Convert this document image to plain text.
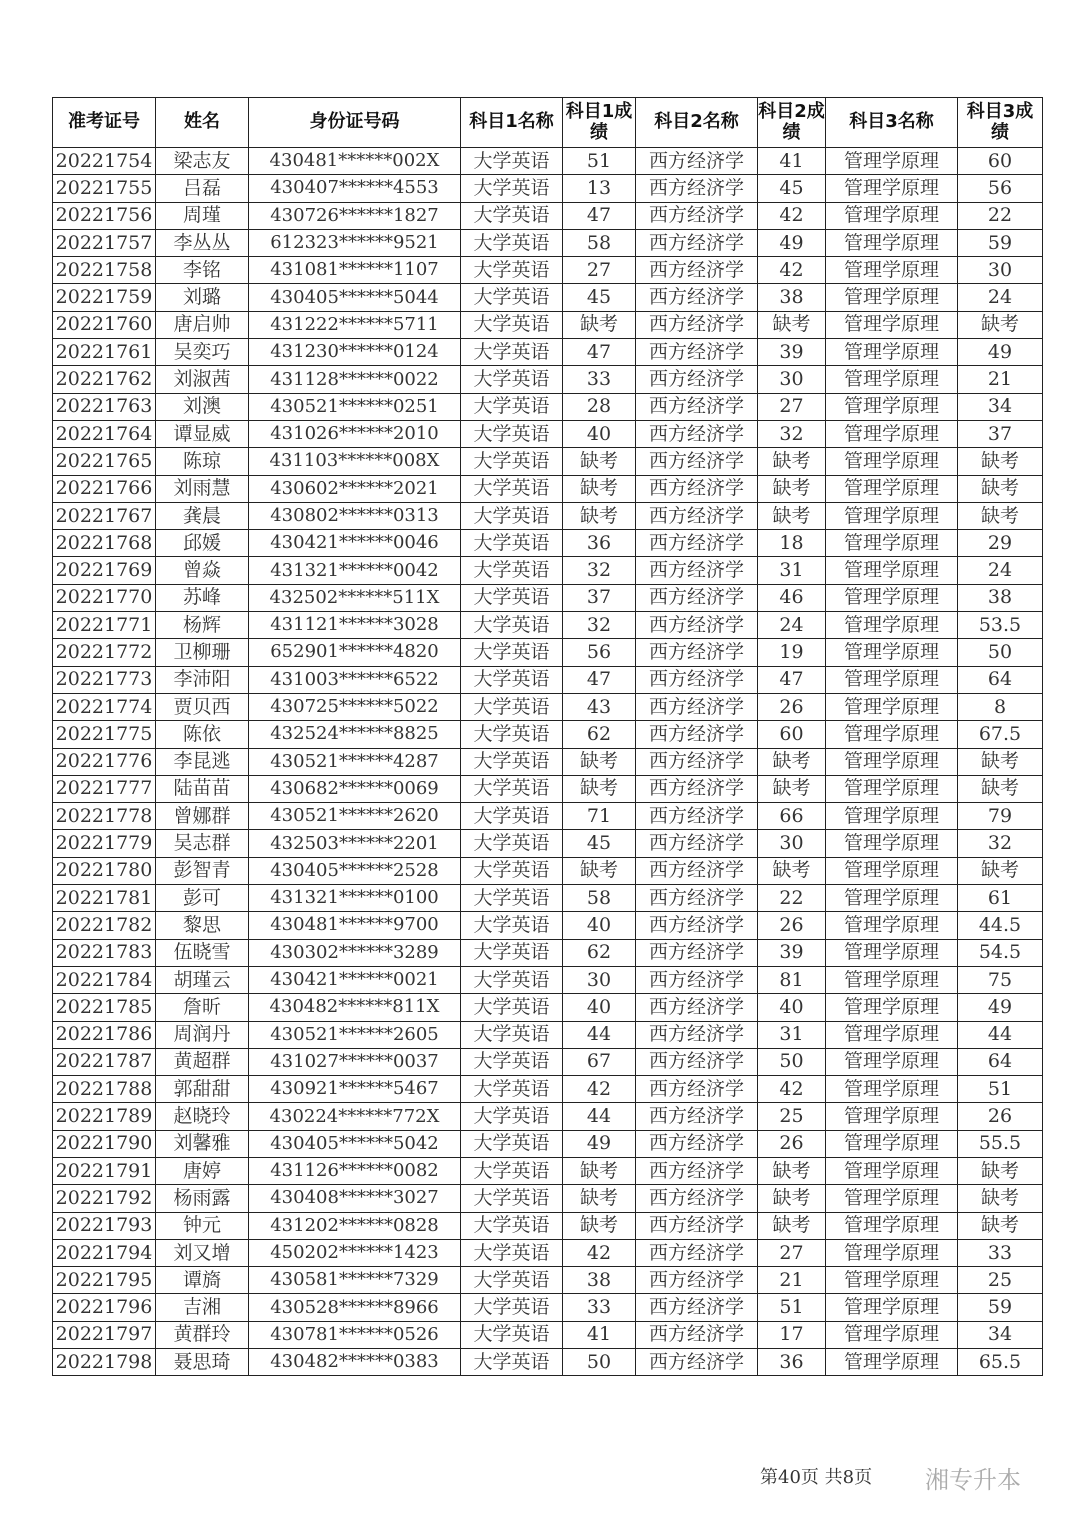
准考证号	姓名	身份证号码	科目1名称	科目1成绩	科目2名称	科目2成绩	科目3名称	科目3成绩
20221754	梁志友	430481******002X	大学英语	51	西方经济学	41	管理学原理	60
20221755	吕磊	430407******4553	大学英语	13	西方经济学	45	管理学原理	56
20221756	周瑾	430726******1827	大学英语	47	西方经济学	42	管理学原理	22
20221757	李丛丛	612323******9521	大学英语	58	西方经济学	49	管理学原理	59
20221758	李铭	431081******1107	大学英语	27	西方经济学	42	管理学原理	30
20221759	刘璐	430405******5044	大学英语	45	西方经济学	38	管理学原理	24
20221760	唐启帅	431222******5711	大学英语	缺考	西方经济学	缺考	管理学原理	缺考
20221761	吴奕巧	431230******0124	大学英语	47	西方经济学	39	管理学原理	49
20221762	刘淑茜	431128******0022	大学英语	33	西方经济学	30	管理学原理	21
20221763	刘澳	430521******0251	大学英语	28	西方经济学	27	管理学原理	34
20221764	谭显威	431026******2010	大学英语	40	西方经济学	32	管理学原理	37
20221765	陈琼	431103******008X	大学英语	缺考	西方经济学	缺考	管理学原理	缺考
20221766	刘雨慧	430602******2021	大学英语	缺考	西方经济学	缺考	管理学原理	缺考
20221767	龚晨	430802******0313	大学英语	缺考	西方经济学	缺考	管理学原理	缺考
20221768	邱媛	430421******0046	大学英语	36	西方经济学	18	管理学原理	29
20221769	曾焱	431321******0042	大学英语	32	西方经济学	31	管理学原理	24
20221770	苏峰	432502******511X	大学英语	37	西方经济学	46	管理学原理	38
20221771	杨辉	431121******3028	大学英语	32	西方经济学	24	管理学原理	53.5
20221772	卫柳珊	652901******4820	大学英语	56	西方经济学	19	管理学原理	50
20221773	李沛阳	431003******6522	大学英语	47	西方经济学	47	管理学原理	64
20221774	贾贝西	430725******5022	大学英语	43	西方经济学	26	管理学原理	8
20221775	陈依	432524******8825	大学英语	62	西方经济学	60	管理学原理	67.5
20221776	李昆逃	430521******4287	大学英语	缺考	西方经济学	缺考	管理学原理	缺考
20221777	陆苗苗	430682******0069	大学英语	缺考	西方经济学	缺考	管理学原理	缺考
20221778	曾娜群	430521******2620	大学英语	71	西方经济学	66	管理学原理	79
20221779	吴志群	432503******2201	大学英语	45	西方经济学	30	管理学原理	32
20221780	彭智青	430405******2528	大学英语	缺考	西方经济学	缺考	管理学原理	缺考
20221781	彭可	431321******0100	大学英语	58	西方经济学	22	管理学原理	61
20221782	黎思	430481******9700	大学英语	40	西方经济学	26	管理学原理	44.5
20221783	伍晓雪	430302******3289	大学英语	62	西方经济学	39	管理学原理	54.5
20221784	胡瑾云	430421******0021	大学英语	30	西方经济学	81	管理学原理	75
20221785	詹昕	430482******811X	大学英语	40	西方经济学	40	管理学原理	49
20221786	周润丹	430521******2605	大学英语	44	西方经济学	31	管理学原理	44
20221787	黄超群	431027******0037	大学英语	67	西方经济学	50	管理学原理	64
20221788	郭甜甜	430921******5467	大学英语	42	西方经济学	42	管理学原理	51
20221789	赵晓玲	430224******772X	大学英语	44	西方经济学	25	管理学原理	26
20221790	刘馨雅	430405******5042	大学英语	49	西方经济学	26	管理学原理	55.5
20221791	唐婷	431126******0082	大学英语	缺考	西方经济学	缺考	管理学原理	缺考
20221792	杨雨露	430408******3027	大学英语	缺考	西方经济学	缺考	管理学原理	缺考
20221793	钟元	431202******0828	大学英语	缺考	西方经济学	缺考	管理学原理	缺考
20221794	刘又增	450202******1423	大学英语	42	西方经济学	27	管理学原理	33
20221795	谭旖	430581******7329	大学英语	38	西方经济学	21	管理学原理	25
20221796	吉湘	430528******8966	大学英语	33	西方经济学	51	管理学原理	59
20221797	黄群玲	430781******0526	大学英语	41	西方经济学	17	管理学原理	34
20221798	聂思琦	430482******0383	大学英语	50	西方经济学	36	管理学原理	65.5
第40页 共8页 湘专升本
